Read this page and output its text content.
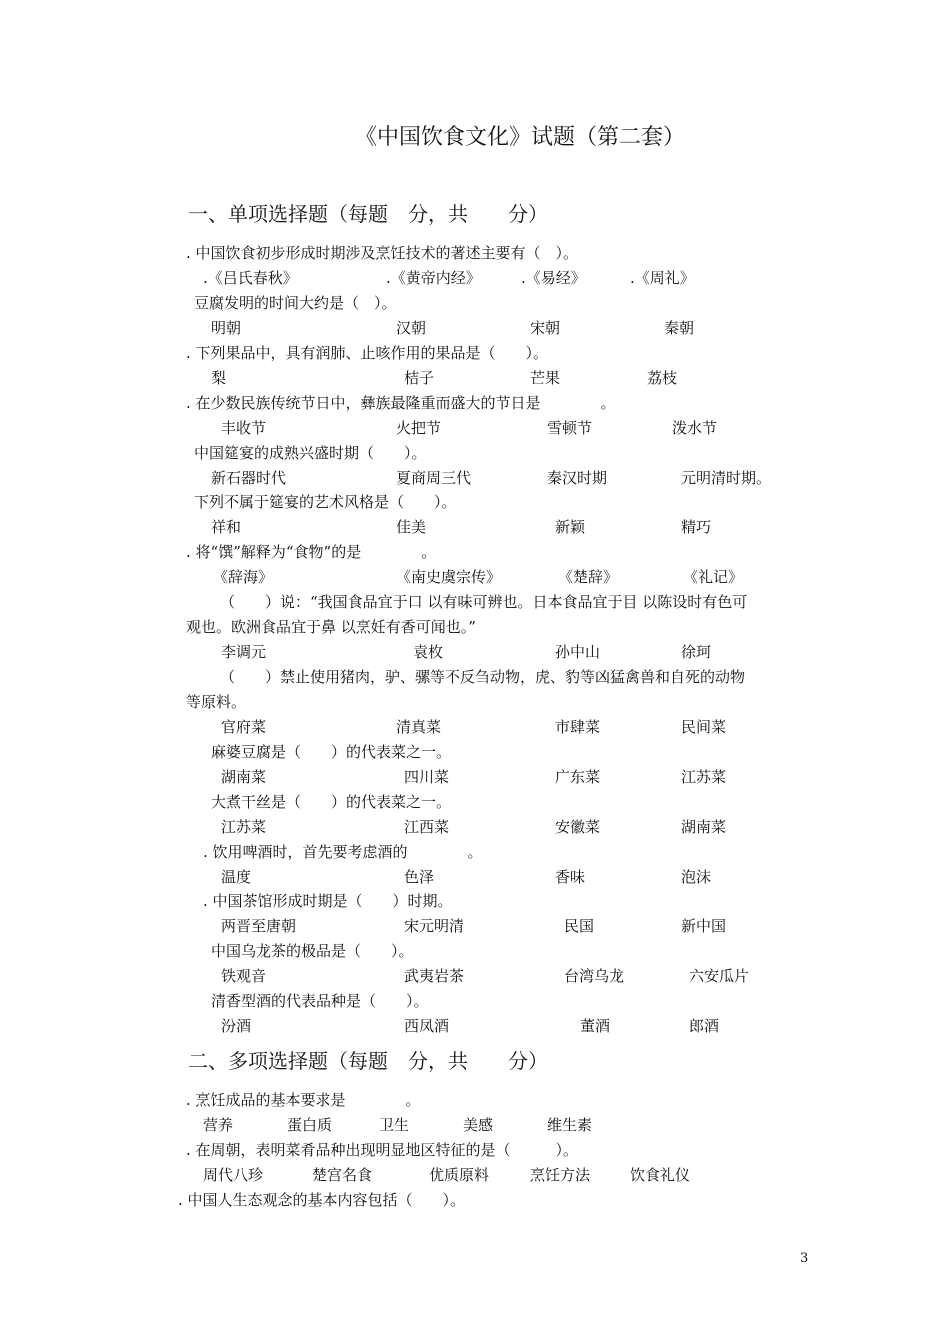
《中国饮食文化》试题（第二套）
一、单项选择题（每题　分，共　　分）
. 中国饮食初步形成时期涉及烹饪技术的著述主要有（　）。
.《吕氏春秋》	.《黄帝内经》	.《易经》	.《周礼》
豆腐发明的时间大约是（　）。
明朝	汉朝	宋朝	秦朝
. 下列果品中，具有润肺、止咳作用的果品是（　　）。
梨	桔子	芒果	荔枝
. 在少数民族传统节日中，彝族最隆重而盛大的节日是　　　　。
丰收节	火把节	雪顿节	泼水节
中国筵宴的成熟兴盛时期（　　）。
新石器时代	夏商周三代	秦汉时期	元明清时期。
下列不属于筵宴的艺术风格是（　　）。
祥和	佳美	新颖	精巧
. 将“馔”解释为“食物”的是　　　　。
《辞海》	《南史虞宗传》	《楚辞》	《礼记》
（　　）说：“我国食品宜于口 以有味可辨也。日本食品宜于目 以陈设时有色可
观也。欧洲食品宜于鼻 以烹妊有香可闻也。”
李调元	袁枚	孙中山	徐珂
（　　）禁止使用猪肉，驴、骡等不反刍动物，虎、豹等凶猛禽兽和自死的动物
等原料。
官府菜	清真菜	市肆菜	民间菜
麻婆豆腐是（　　）的代表菜之一。
湖南菜	四川菜	广东菜	江苏菜
大煮干丝是（　　）的代表菜之一。
江苏菜	江西菜	安徽菜	湖南菜
. 饮用啤酒时，首先要考虑酒的　　　　。
温度	色泽	香味	泡沫
. 中国茶馆形成时期是（　　）时期。
两晋至唐朝	宋元明清	民国	新中国
中国乌龙茶的极品是（　　）。
铁观音	武夷岩茶	台湾乌龙	六安瓜片
清香型酒的代表品种是（　　）。
汾酒	西凤酒	董酒	郎酒
二、多项选择题（每题　分，共　　分）
. 烹饪成品的基本要求是　　　　。
营养	蛋白质	卫生	美感	维生素
. 在周朝，表明菜肴品种出现明显地区特征的是（　　　）。
周代八珍	楚宫名食	优质原料	烹饪方法	饮食礼仪
. 中国人生态观念的基本内容包括（　　）。
3
